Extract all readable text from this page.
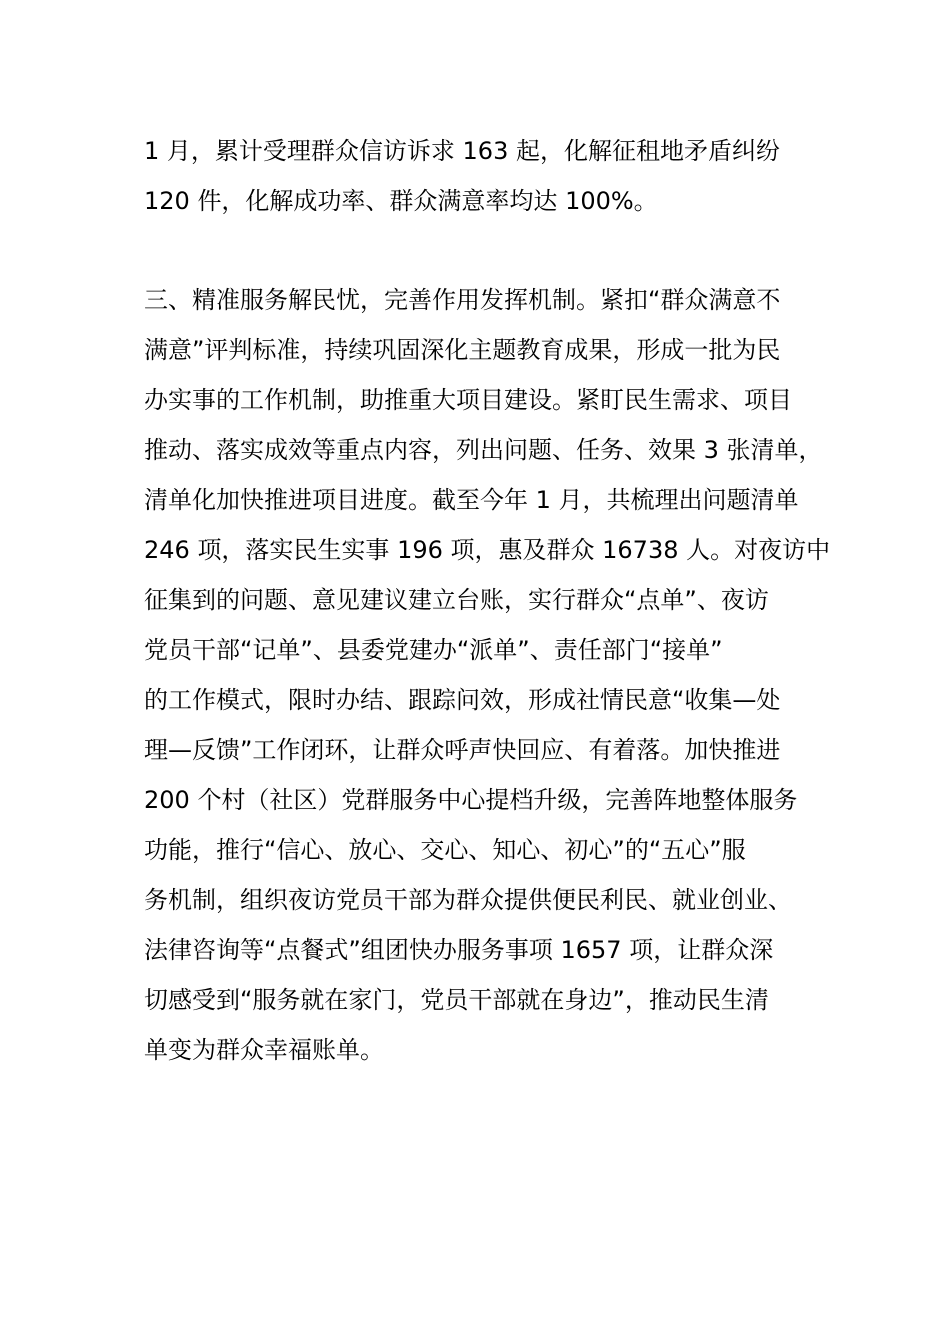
1 月，累计受理群众信访诉求 163 起，化解征租地矛盾纠纷
120 件，化解成功率、群众满意率均达 100%。

三、精准服务解民忧，完善作用发挥机制。紧扣“群众满意不
满意”评判标准，持续巩固深化主题教育成果，形成一批为民
办实事的工作机制，助推重大项目建设。紧盯民生需求、项目
推动、落实成效等重点内容，列出问题、任务、效果 3 张清单，
清单化加快推进项目进度。截至今年 1 月，共梳理出问题清单
246 项，落实民生实事 196 项，惠及群众 16738 人。对夜访中
征集到的问题、意见建议建立台账，实行群众“点单”、夜访
党员干部“记单”、县委党建办“派单”、责任部门“接单”
的工作模式，限时办结、跟踪问效，形成社情民意“收集—处
理—反馈”工作闭环，让群众呼声快回应、有着落。加快推进
200 个村（社区）党群服务中心提档升级，完善阵地整体服务
功能，推行“信心、放心、交心、知心、初心”的“五心”服
务机制，组织夜访党员干部为群众提供便民利民、就业创业、
法律咨询等“点餐式”组团快办服务事项 1657 项，让群众深
切感受到“服务就在家门，党员干部就在身边”，推动民生清
单变为群众幸福账单。
